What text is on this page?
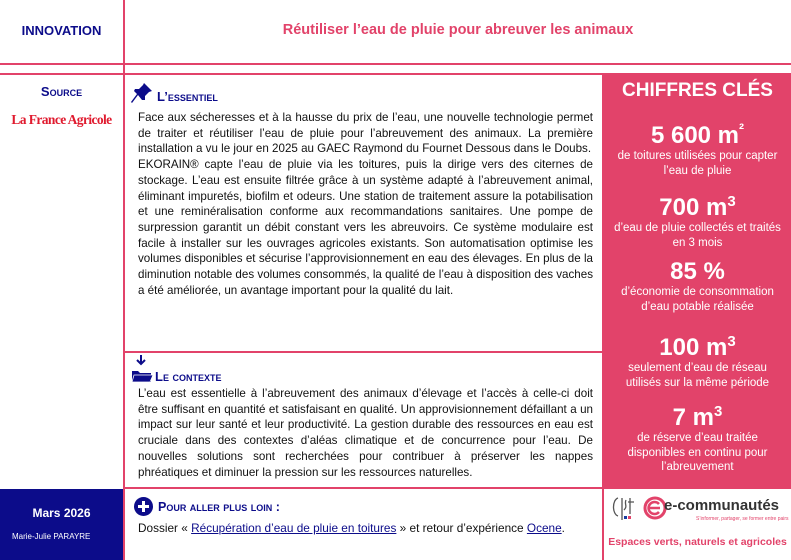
INNOVATION	Réutiliser l’eau de pluie pour abreuver les animaux
Source
La France Agricole
L’essentiel

Face aux sécheresses et à la hausse du prix de l’eau, une nouvelle technologie permet de traiter et réutiliser l’eau de pluie pour l’abreuvement des animaux. La première installation a vu le jour en 2025 au GAEC Raymond du Fournet Dessous dans le Doubs.

EKORAIN® capte l’eau de pluie via les toitures, puis la dirige vers des citernes de stockage. L’eau est ensuite filtrée grâce à un système adapté à l’abreuvement animal, éliminant impuretés, biofilm et odeurs. Une station de traitement assure la potabilisation et une reminéralisation conforme aux recommandations sanitaires. Une pompe de surpression garantit un débit constant vers les abreuvoirs. Ce système modulaire est facile à installer sur les ouvrages agricoles existants. Son automatisation optimise les volumes disponibles et sécurise l’approvisionnement en eau des élevages. En plus de la diminution notable des volumes consommés, la qualité de l’eau à disposition des vaches a été améliorée, un avantage important pour la qualité du lait.

Le contexte
L’eau est essentielle à l’abreuvement des animaux d’élevage et l’accès à celle-ci doit être suffisant en quantité et satisfaisant en qualité. Un approvisionnement défaillant a un impact sur leur santé et leur productivité. La gestion durable des ressources en eau est cruciale dans des contextes d’aléas climatique et de concurrence pour l’eau. De nouvelles solutions sont recherchées pour contribuer à préserver les nappes phréatiques et diminuer la pression sur les ressources naturelles.
CHIFFRES CLÉS
5 600 $m^{^2}$
de toitures utilisées pour capter l’eau de pluie
700 $m^3$
d’eau de pluie collectés et traités en 3 mois
85 %
d’économie de consommation d’eau potable réalisée
100 $m^3$
seulement d’eau de réseau utilisés sur la même période
7 $m^3$
de réserve d’eau traitée disponibles en continu pour l’abreuvement
Mars 2026
Marie-Julie PARAYRE
Pour aller plus loin :
Dossier « Récupération d’eau de pluie en toitures » et retour d’expérience Ocene.
e-communautés
S’informer, partager, se former entre pairs
Espaces verts, naturels et agricoles
